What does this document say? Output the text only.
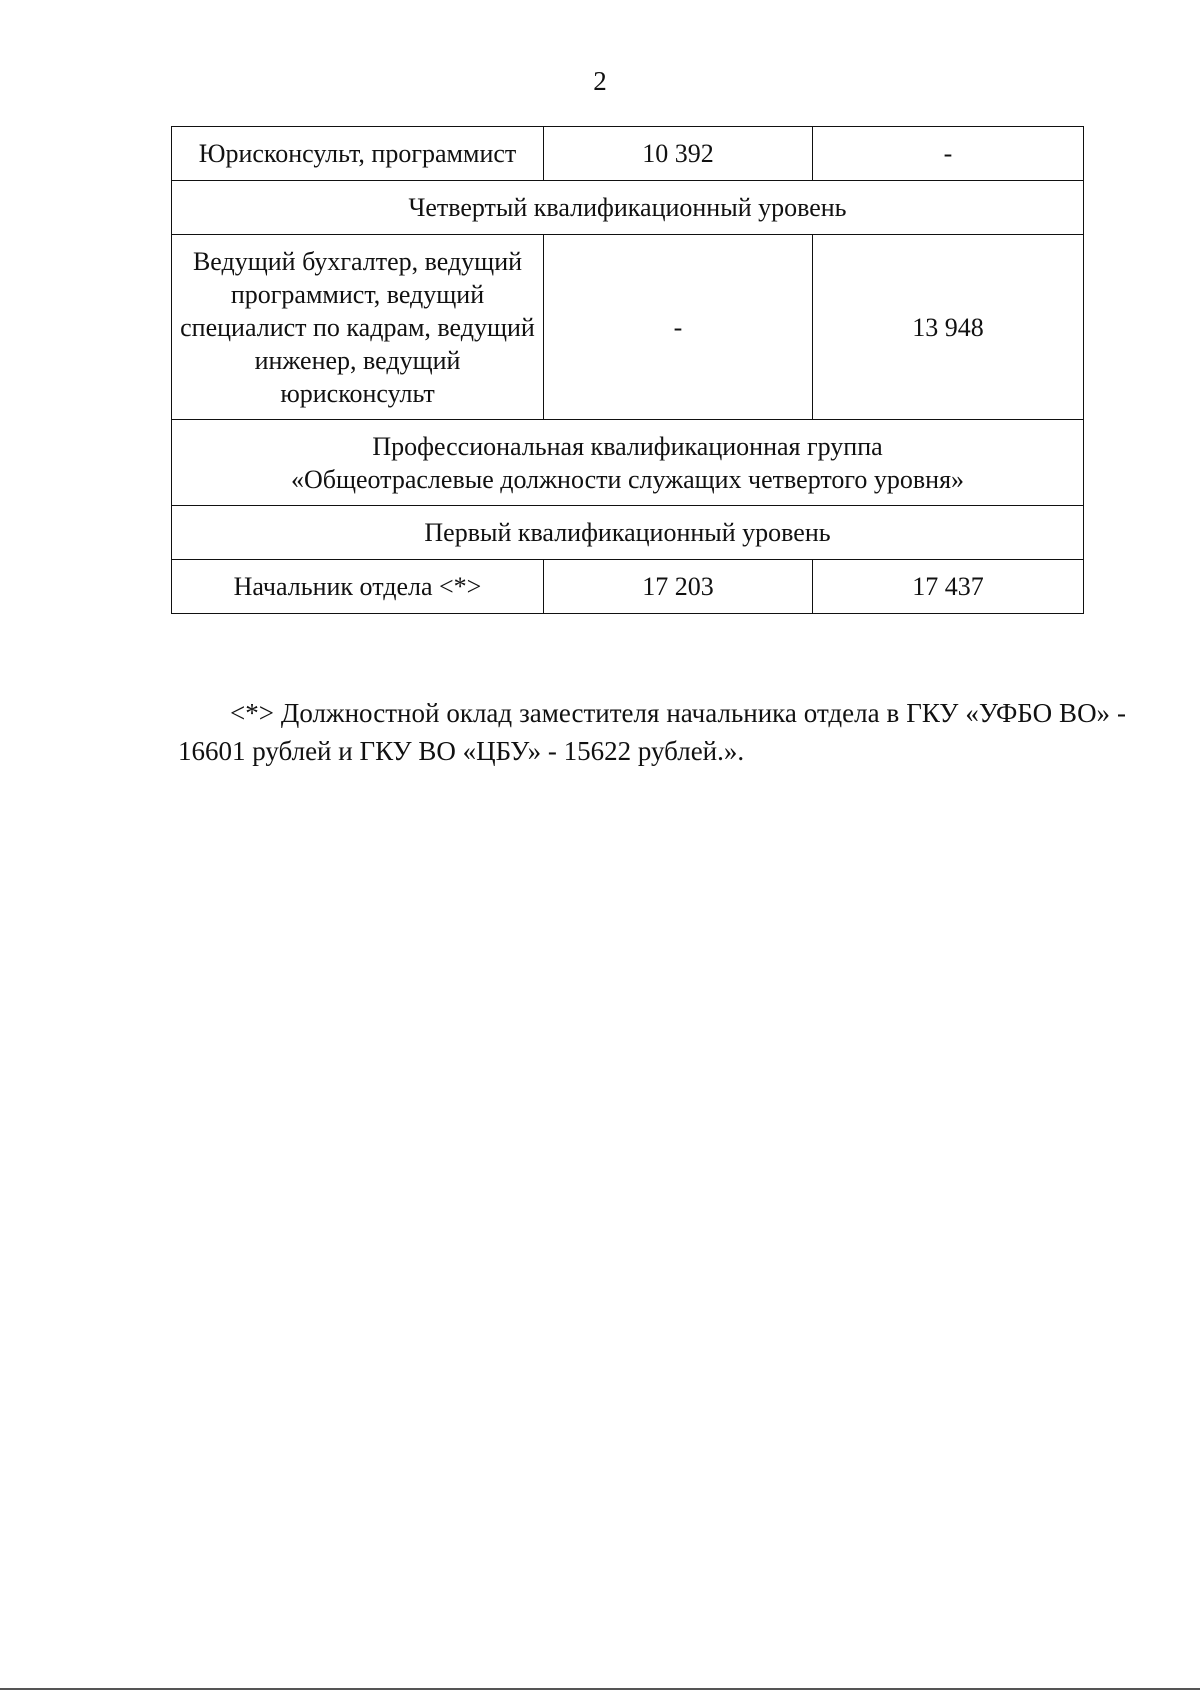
2
Юрисконсульт, программист	10 392	-
Четвертый квалификационный уровень		
Ведущий бухгалтер, ведущий программист, ведущий специалист по кадрам, ведущий инженер, ведущий юрисконсульт	-	13 948

Профессиональная квалификационная группа
«Общеотраслевые должности служащих четвертого уровня»		

Первый квалификационный уровень		
Начальник отдела <*>	17 203	17 437

<*> Должностной оклад заместителя начальника отдела в ГКУ «УФБО ВО» - 16601 рублей и ГКУ ВО «ЦБУ» - 15622 рублей.».
